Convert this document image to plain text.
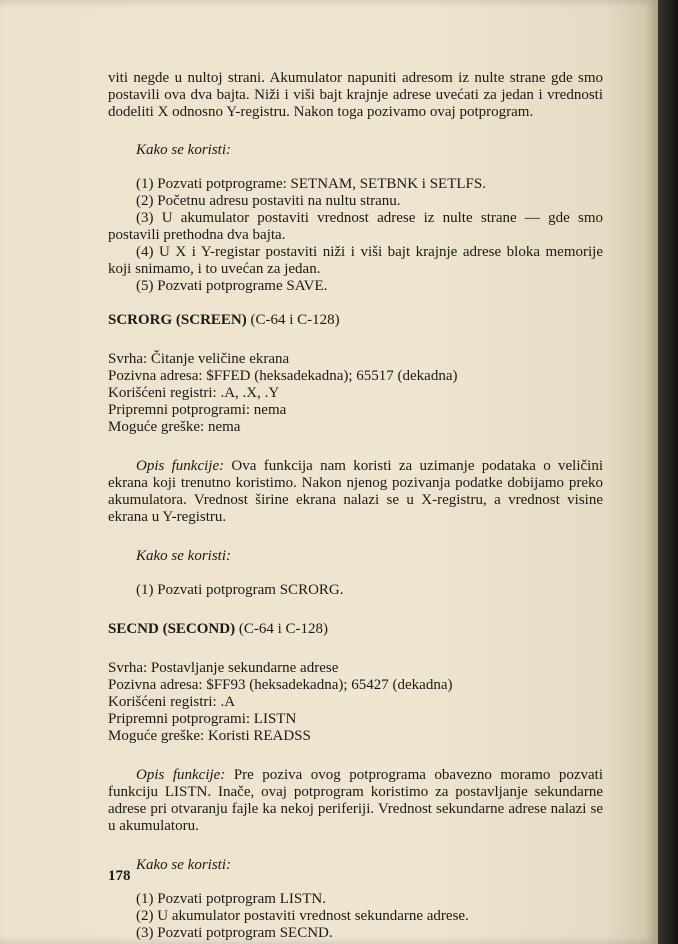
viti negde u nultoj strani. Akumulator napuniti adresom iz nulte strane gde smo postavili ova dva bajta. Niži i viši bajt krajnje adrese uvećati za jedan i vrednosti dodeliti X odnosno Y-registru. Nakon toga pozivamo ovaj potprogram.

Kako se koristi:

(1) Pozvati potprograme: SETNAM, SETBNK i SETLFS.

(2) Početnu adresu postaviti na nultu stranu.

(3) U akumulator postaviti vrednost adrese iz nulte strane — gde smo postavili prethodna dva bajta.

(4) U X i Y-registar postaviti niži i viši bajt krajnje adrese bloka memorije koji snimamo, i to uvećan za jedan.

(5) Pozvati potprograme SAVE.

SCRORG (SCREEN) (C-64 i C-128)

Svrha: Čitanje veličine ekrana

Pozivna adresa: $FFED (heksadekadna); 65517 (dekadna)

Korišćeni registri: .A, .X, .Y

Pripremni potprogrami: nema

Moguće greške: nema

Opis funkcije: Ova funkcija nam koristi za uzimanje podataka o veličini ekrana koji trenutno koristimo. Nakon njenog pozivanja podatke dobijamo preko akumulatora. Vrednost širine ekrana nalazi se u X-registru, a vrednost visine ekrana u Y-registru.

Kako se koristi:

(1) Pozvati potprogram SCRORG.

SECND (SECOND) (C-64 i C-128)

Svrha: Postavljanje sekundarne adrese

Pozivna adresa: $FF93 (heksadekadna); 65427 (dekadna)

Korišćeni registri: .A

Pripremni potprogrami: LISTN

Moguće greške: Koristi READSS

Opis funkcije: Pre poziva ovog potprograma obavezno moramo pozvati funkciju LISTN. Inače, ovaj potprogram koristimo za postavljanje sekundarne adrese pri otvaranju fajle ka nekoj periferiji. Vrednost sekundarne adrese nalazi se u akumulatoru.

Kako se koristi:

(1) Pozvati potprogram LISTN.

(2) U akumulator postaviti vrednost sekundarne adrese.

(3) Pozvati potprogram SECND.

178
